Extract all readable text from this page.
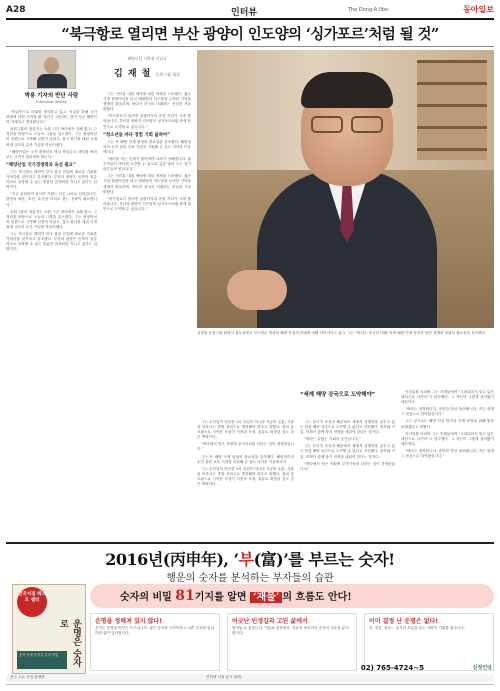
A28	인터뷰	The Dong-A Ilbo	동아일보
“북극항로 열리면 부산 광양이 인도양의 ‘싱가포르’처럼 될 것”
박용 기자의 반단 사람
Interview Series

“어업인으로 미래를 생각하고 있고, 이것을 통해 국가 경제에 어떤 기여를 할 것인지 고민하는 것이 지금 해양인의 자세라고 생각합니다.”

동원그룹의 창업자는 오랜 시간 바다에서 일해 왔고, 그 경험을 바탕으로 오늘의 그룹을 일으켰다. 그는 원양어선의 선원으로 시작해 선장이 되었고, 결국 회사를 세워 국내 최대 규모의 수산 기업을 만들어냈다.

“해양산업은 국가 경쟁력의 핵심 축입니다. 바다를 바라보는 시각이 달라져야 합니다.”

“해양산업 국가경쟁력과 육성 필요”

그는 북극항로 개척이 한국 물류 산업에 새로운 기회를 가져다줄 것이라고 강조했다. 부산과 광양은 동북아 물류 허브로 성장할 수 있는 충분한 잠재력을 지니고 있다는 설명이다.

“지금 준비하지 않으면 기회는 다른 나라로 넘어갑니다. 항만과 해운, 조선, 수산을 하나로 묶는 전략이 필요합니다.”

동원그룹의 창업자는 오랜 시간 바다에서 일해 왔고, 그 경험을 바탕으로 오늘의 그룹을 일으켰다. 그는 원양어선의 선원으로 시작해 선장이 되었고, 결국 회사를 세워 국내 최대 규모의 수산 기업을 만들어냈다.

그는 북극항로 개척이 한국 물류 산업에 새로운 기회를 가져다줄 것이라고 강조했다. 부산과 광양은 동북아 물류 허브로 성장할 수 있는 충분한 잠재력을 지니고 있다는 설명이다.

해양산업 기획재 전임자
김 재 철 동원그룹 회장

그는 인터뷰 내내 바다에 대한 애정을 드러냈다. 젊은 시절 원양어선을 타고 태평양과 인도양을 누비던 기억을 생생히 떠올리며, 바다가 한국의 미래라는 신념을 거듭 밝혔다.

“북극항로가 열리면 유럽까지의 운항 거리가 크게 줄어듭니다. 부산과 광양이 인도양의 싱가포르처럼 중계 항만으로 도약할 수 있습니다.”

“청소년들 바다 경험 기회 넓혀야”

그는 또 해양 인재 양성의 중요성을 강조했다. 해양대학과 수산 관련 교육 기관을 지원해 온 것도 이러한 이유에서다.

“바다를 아는 인재가 많아져야 나라가 강해집니다. 젊은이들이 바다에 도전할 수 있도록 길을 열어 주는 것이 어른들의 몫입니다.”

그는 인터뷰 내내 바다에 대한 애정을 드러냈다. 젊은 시절 원양어선을 타고 태평양과 인도양을 누비던 기억을 생생히 떠올리며, 바다가 한국의 미래라는 신념을 거듭 밝혔다.

“북극항로가 열리면 유럽까지의 운항 거리가 크게 줄어듭니다. 부산과 광양이 인도양의 싱가포르처럼 중계 항만으로 도약할 수 있습니다.”

김재철 동원그룹 회장이 집무실에서 북극항로 개척과 해양 산업의 미래에 대해 이야기하고 있다. 그는 “바다는 한국의 미래”라며 해양 인재 양성과 항만 경쟁력 강화의 필요성을 강조했다.

그는 수산업이 단순한 1차 산업이 아니라 가공과 유통, 식품을 아우르는 종합 산업으로 발전해야 한다고 말했다. 참치 통조림으로 시작한 사업이 식품과 포장, 물류로 확장된 것도 같은 맥락이다.

“바다에서 얻은 자원에 부가가치를 더하는 것이 경쟁력입니다.”

그는 또 해양 인재 양성의 중요성을 강조했다. 해양대학과 수산 관련 교육 기관을 지원해 온 것도 이러한 이유에서다.

그는 수산업이 단순한 1차 산업이 아니라 가공과 유통, 식품을 아우르는 종합 산업으로 발전해야 한다고 말했다. 참치 통조림으로 시작한 사업이 식품과 포장, 물류로 확장된 것도 같은 맥락이다.

“세계 해양 강국으로 도약해야”

그는 한국이 조선과 해운에서 세계적 경쟁력을 갖추고 있는 만큼 해양 강국으로 도약할 수 있다고 자신했다. 정부와 기업, 학계가 함께 장기 전략을 세워야 한다는 것이다.

“바다는 끝없는 기회의 공간입니다.”

그는 한국이 조선과 해운에서 세계적 경쟁력을 갖추고 있는 만큼 해양 강국으로 도약할 수 있다고 자신했다. 정부와 기업, 학계가 함께 장기 전략을 세워야 한다는 것이다.

“바다에서 얻은 자원에 부가가치를 더하는 것이 경쟁력입니다.”

인터뷰를 마치며 그는 후배들에게 “두려워하지 말고 넓은 세상으로 나가라”고 당부했다. 그 자신이 그렇게 살아왔기 때문이다.

“바다는 정직합니다. 준비한 만큼 돌려줍니다. 저는 평생 그 믿음으로 살아왔습니다.”

그는 앞으로도 해양 산업 발전과 인재 양성을 위해 힘을 보태겠다고 말했다.

인터뷰를 마치며 그는 후배들에게 “두려워하지 말고 넓은 세상으로 나가라”고 당부했다. 그 자신이 그렇게 살아왔기 때문이다.

“바다는 정직합니다. 준비한 만큼 돌려줍니다. 저는 평생 그 믿음으로 살아왔습니다.”

2016년(丙申年), ‘부(富)’를 부르는 숫자!
행운의 숫자를 분석하는 부자들의 습관
전국서점 베스트 셀러
운명은 숫자로
숫자 속에 숨겨진 부의 비밀
숫자의 비밀 81기지를 알면 ‘재물’ 의 흐름도 안다!
운명을 정해져 있지 않다!
숫자는 운명을 바꾸는 도구입니다. 좋은 숫자를 가까이하고 나쁜 숫자를 멀리하면 삶이 달라집니다.
어긋난 인생길과 고된 삶에서
벗어날 수 있습니다. 이름과 전화번호, 자동차 번호까지 숫자의 기운을 분석합니다.
이미 결정 난 운명은 없다!
부, 건강, 성공… 숫자의 흐름을 읽는 사람이 기회를 잡습니다.
02) 765-4724~5	신정인당
전국 주요 서점 판매중	인터넷 서점 동시 판매
